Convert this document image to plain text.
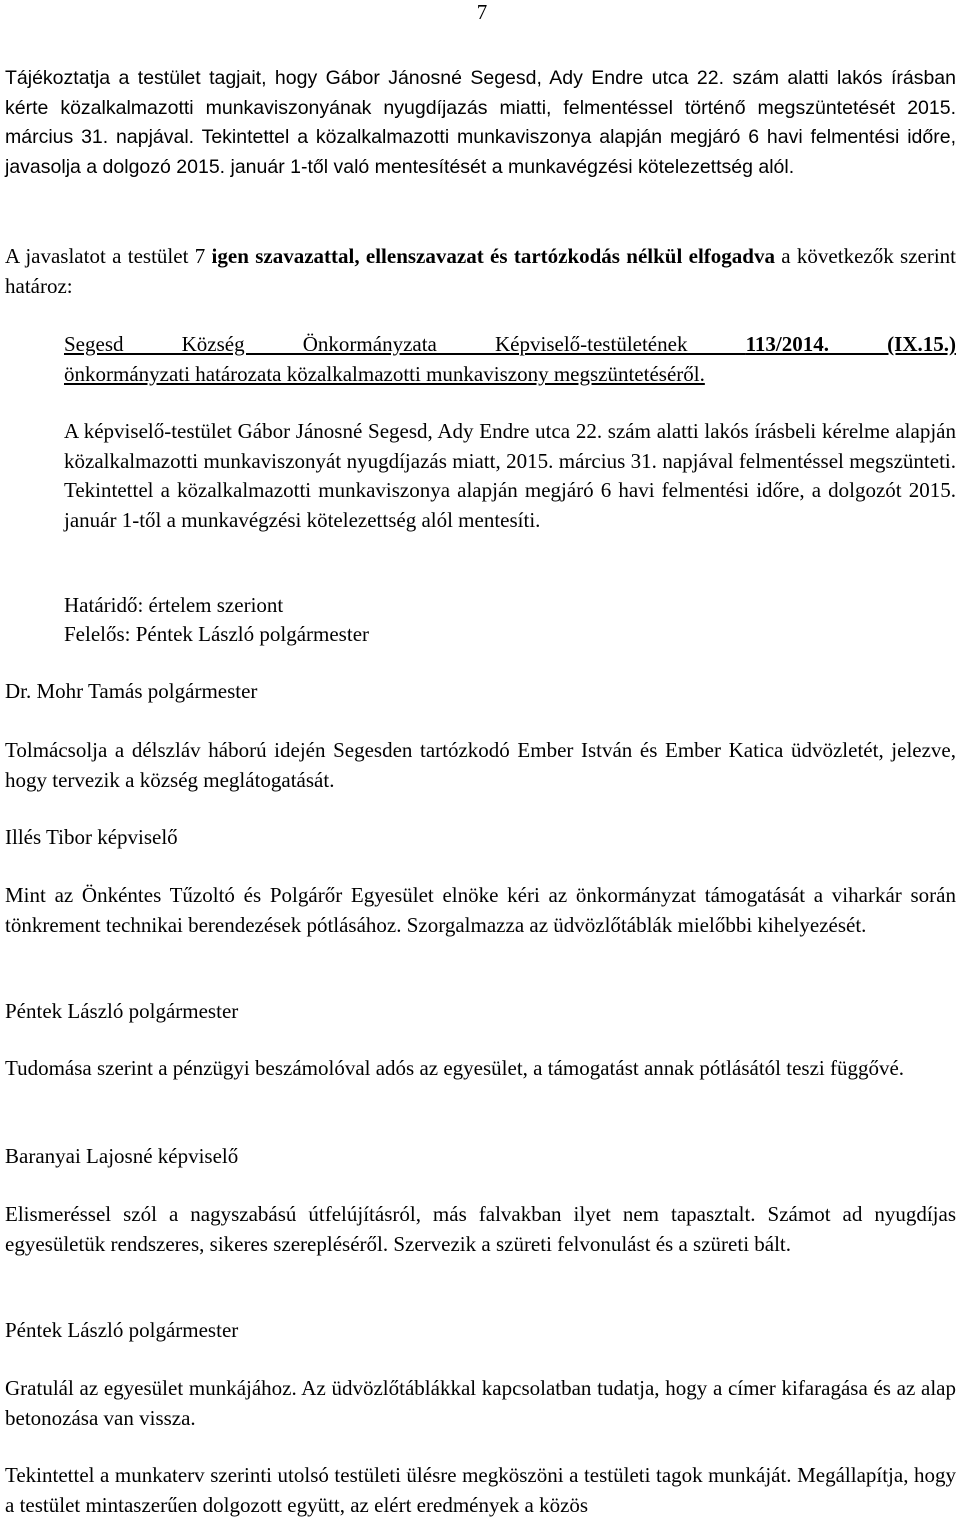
7

Tájékoztatja a testület tagjait, hogy Gábor Jánosné Segesd, Ady Endre utca 22. szám alatti lakós írásban kérte közalkalmazotti munkaviszonyának nyugdíjazás miatti, felmentéssel történő megszüntetését 2015. március 31. napjával. Tekintettel a közalkalmazotti munkaviszonya alapján megjáró 6 havi felmentési időre, javasolja a dolgozó 2015. január 1-től való mentesítését a munkavégzési kötelezettség alól.

A javaslatot a testület 7 igen szavazattal, ellenszavazat és tartózkodás nélkül elfogadva a következők szerint határoz:

Segesd Község Önkormányzata Képviselő-testületének 113/2014. (IX.15.)
önkormányzati határozata közalkalmazotti munkaviszony megszüntetéséről.

A képviselő-testület Gábor Jánosné Segesd, Ady Endre utca 22. szám alatti lakós írásbeli kérelme alapján közalkalmazotti munkaviszonyát nyugdíjazás miatt, 2015. március 31. napjával felmentéssel megszünteti. Tekintettel a közalkalmazotti munkaviszonya alapján megjáró 6 havi felmentési időre, a dolgozót 2015. január 1-től a munkavégzési kötelezettség alól mentesíti.

Határidő: értelem szeriont

Felelős: Péntek László polgármester

Dr. Mohr Tamás polgármester

Tolmácsolja a délszláv háború idején Segesden tartózkodó Ember István és Ember Katica üdvözletét, jelezve, hogy tervezik a község meglátogatását.

Illés Tibor képviselő

Mint az Önkéntes Tűzoltó és Polgárőr Egyesület elnöke kéri az önkormányzat támogatását a viharkár során tönkrement technikai berendezések pótlásához. Szorgalmazza az üdvözlőtáblák mielőbbi kihelyezését.

Péntek László polgármester

Tudomása szerint a pénzügyi beszámolóval adós az egyesület, a támogatást annak pótlásától teszi függővé.

Baranyai Lajosné képviselő

Elismeréssel szól a nagyszabású útfelújításról, más falvakban ilyet nem tapasztalt. Számot ad nyugdíjas egyesületük rendszeres, sikeres szerepléséről. Szervezik a szüreti felvonulást és a szüreti bált.

Péntek László polgármester

Gratulál az egyesület munkájához. Az üdvözlőtáblákkal kapcsolatban tudatja, hogy a címer kifaragása és az alap betonozása van vissza.

Tekintettel a munkaterv szerinti utolsó testületi ülésre megköszöni a testületi tagok munkáját. Megállapítja, hogy a testület mintaszerűen dolgozott együtt, az elért eredmények a közös
